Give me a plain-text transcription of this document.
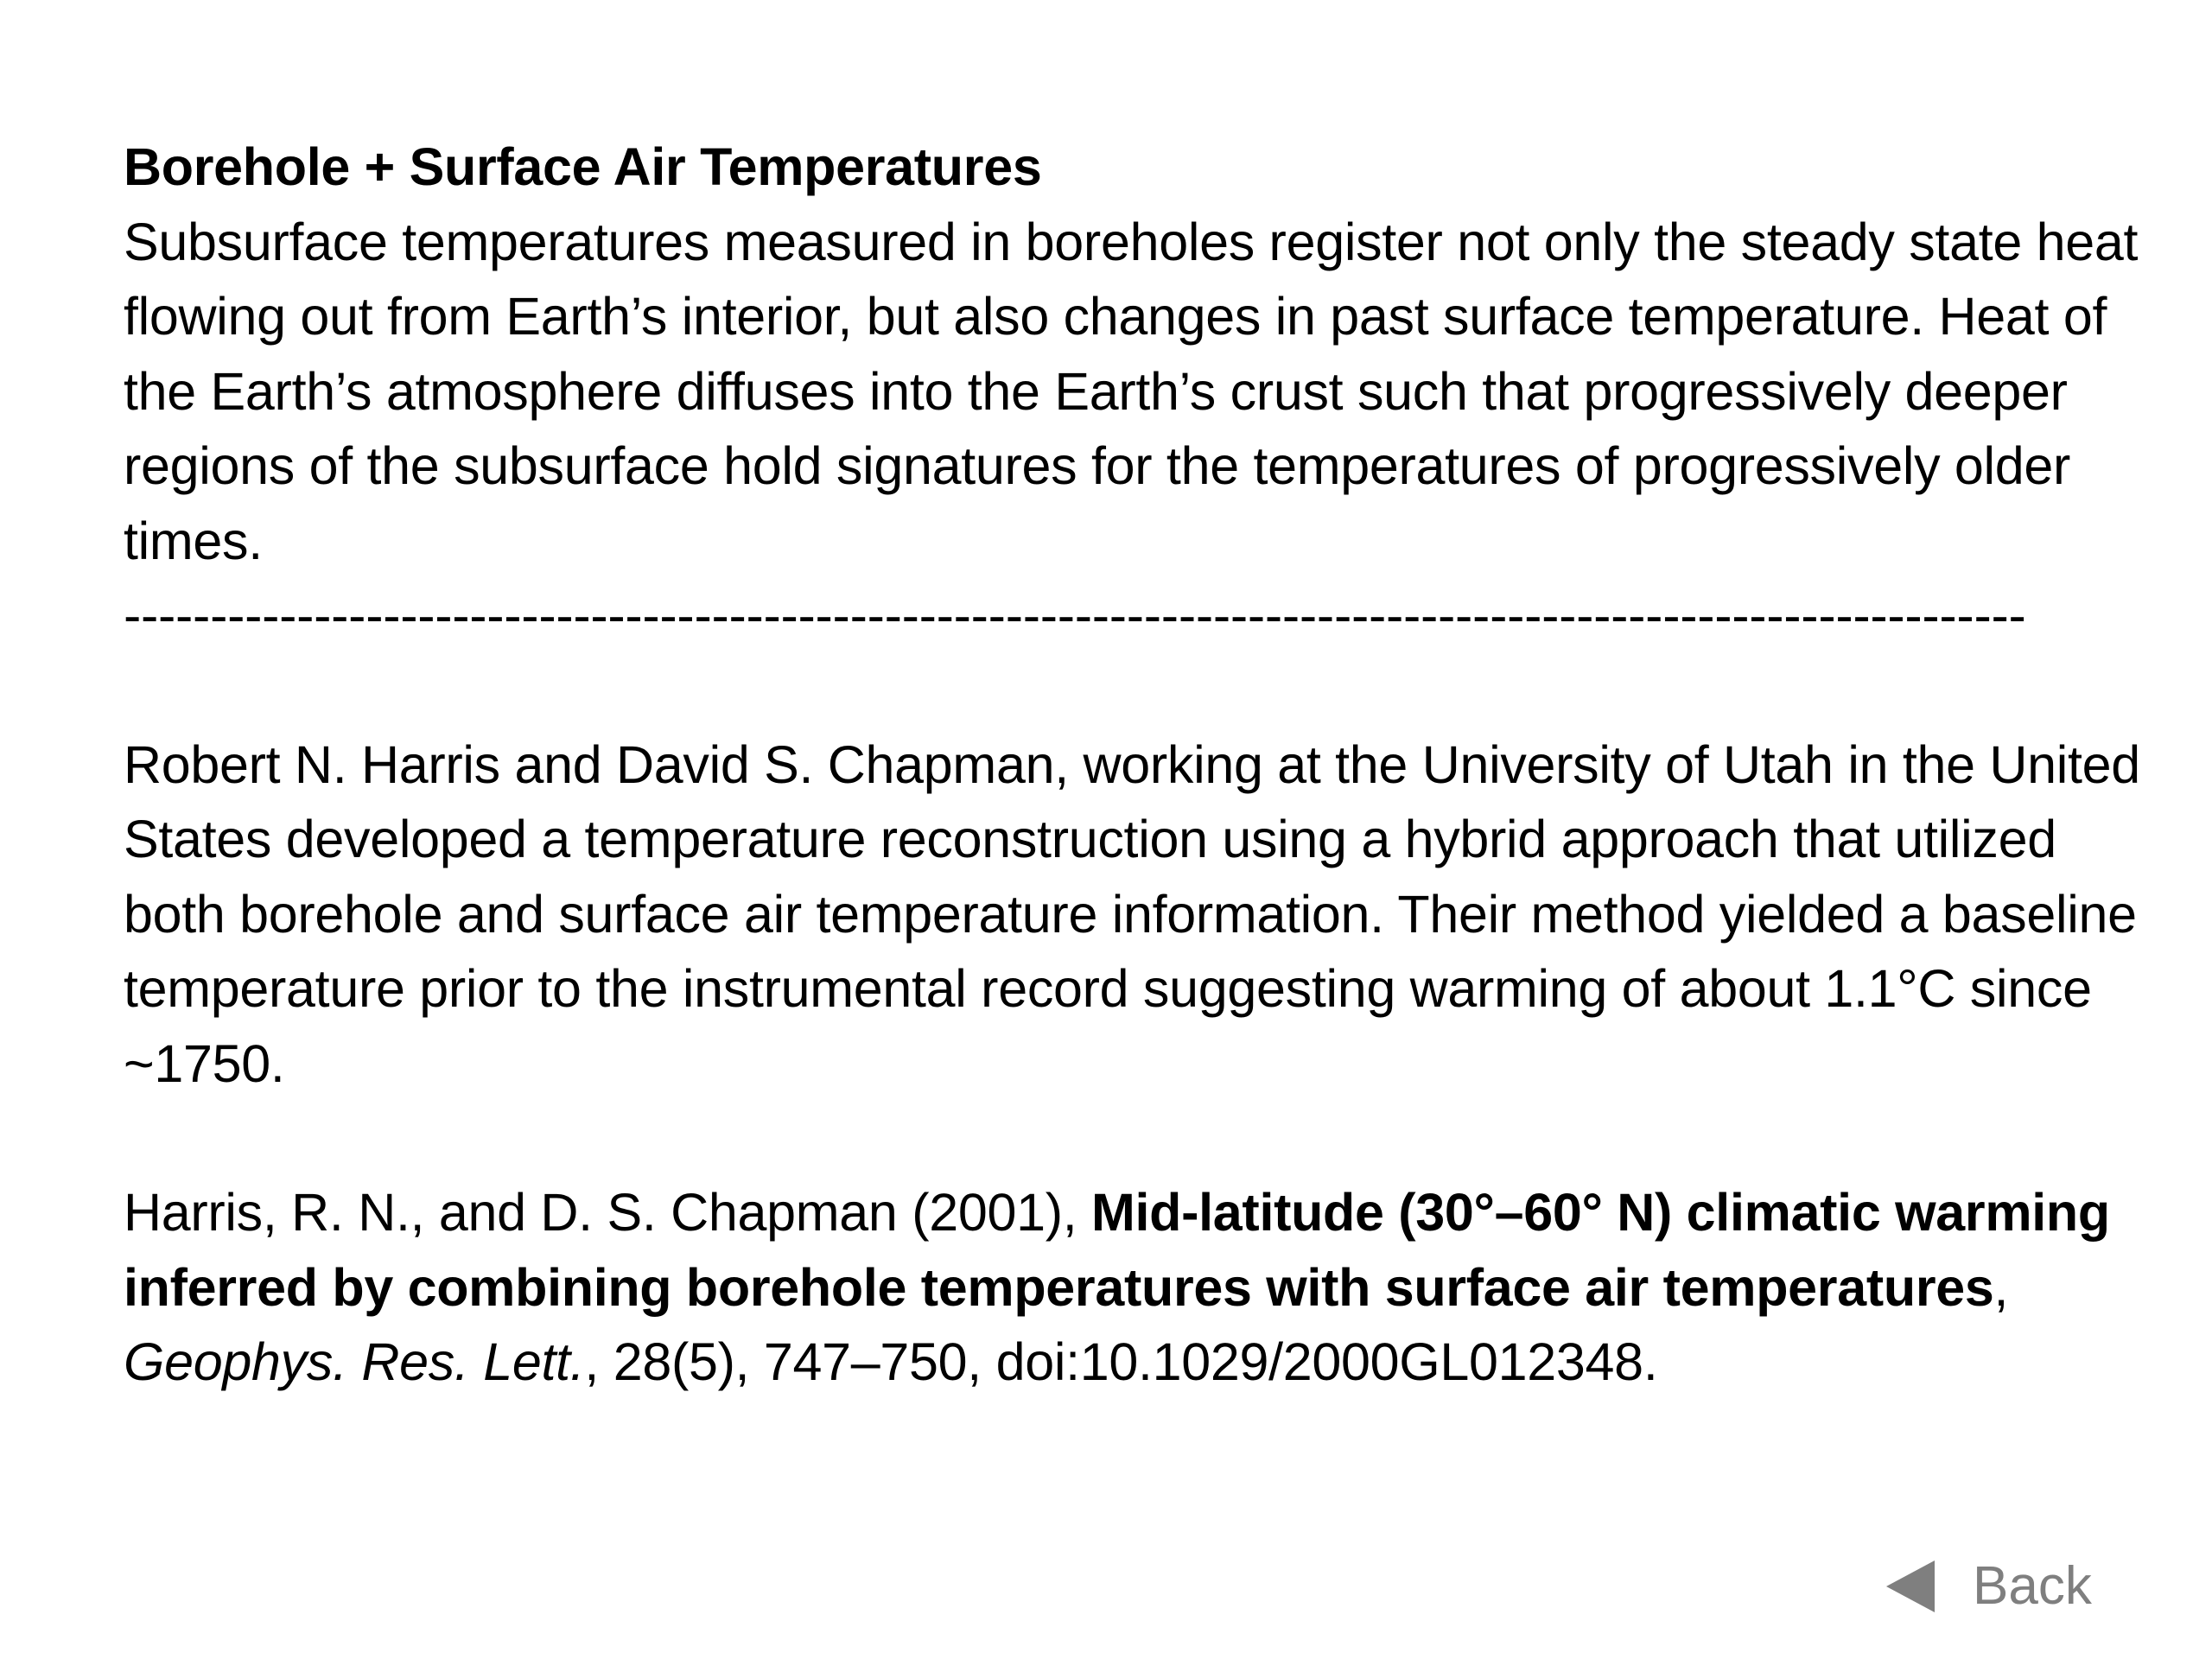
Borehole + Surface Air Temperatures

Subsurface temperatures measured in boreholes register not only the steady state heat flowing out from Earth’s interior, but also changes in past surface temperature. Heat of the Earth’s atmosphere diffuses into the Earth’s crust such that progressively deeper regions of the subsurface hold signatures for the temperatures of progressively older times.

--------------------------------------------------------------------------------------------------------------

Robert N. Harris and David S. Chapman, working at the University of Utah in the United States developed a temperature reconstruction using a hybrid approach that utilized both borehole and surface air temperature information. Their method yielded a baseline temperature prior to the instrumental record suggesting warming of about 1.1°C since ~1750.

Harris, R. N., and D. S. Chapman (2001), Mid-latitude (30°–60° N) climatic warming inferred by combining borehole temperatures with surface air temperatures, Geophys. Res. Lett., 28(5), 747–750, doi:10.1029/2000GL012348.

Back
